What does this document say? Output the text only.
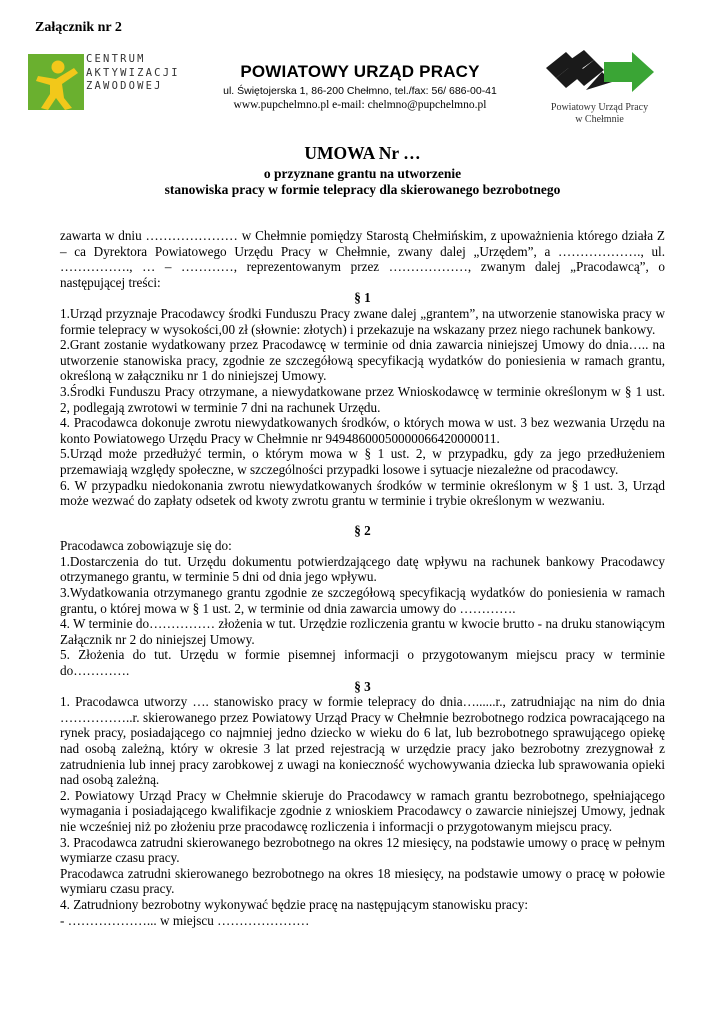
Załącznik nr 2
CENTRUM
AKTYWIZACJI
ZAWODOWEJ

POWIATOWY URZĄD PRACY

ul. Świętojerska 1, 86-200 Chełmno, tel./fax: 56/ 686-00-41
www.pupchelmno.pl e-mail: chelmno@pupchelmno.pl	Powiatowy Urząd Pracy
w Chełmnie
UMOWA Nr …
o przyznane grantu na utworzenie
stanowiska pracy w formie telepracy dla skierowanego bezrobotnego

zawarta w dniu ………………… w Chełmnie pomiędzy Starostą Chełmińskim, z upoważnienia którego działa Z – ca Dyrektora Powiatowego Urzędu Pracy w Chełmnie, zwany dalej „Urzędem”, a ………………., ul. ……………., … – …………, reprezentowanym przez ………………, zwanym dalej „Pracodawcą”, o następującej treści:

§ 1

1.Urząd przyznaje Pracodawcy środki Funduszu Pracy zwane dalej „grantem”, na utworzenie stanowiska pracy w formie telepracy w wysokości,00 zł (słownie: złotych) i przekazuje na wskazany przez niego rachunek bankowy.

2.Grant zostanie wydatkowany przez Pracodawcę w terminie od dnia zawarcia niniejszej Umowy do dnia….. na utworzenie stanowiska pracy, zgodnie ze szczegółową specyfikacją wydatków do poniesienia w ramach grantu, określoną w załączniku nr 1 do niniejszej Umowy.

3.Środki Funduszu Pracy otrzymane, a niewydatkowane przez Wnioskodawcę w terminie określonym w § 1 ust. 2, podlegają zwrotowi w terminie 7 dni na rachunek Urzędu.

4. Pracodawca dokonuje zwrotu niewydatkowanych środków, o których mowa w ust. 3 bez wezwania Urzędu na konto Powiatowego Urzędu Pracy w Chełmnie nr 94948600050000066420000011.

5.Urząd może przedłużyć termin, o którym mowa w § 1 ust. 2, w przypadku, gdy za jego przedłużeniem przemawiają względy społeczne, w szczególności przypadki losowe i sytuacje niezależne od pracodawcy.

6. W przypadku niedokonania zwrotu niewydatkowanych środków w terminie określonym w § 1 ust. 3, Urząd może wezwać do zapłaty odsetek od kwoty zwrotu grantu w terminie i trybie określonym w wezwaniu.

§ 2

Pracodawca zobowiązuje się do:

1.Dostarczenia do tut. Urzędu dokumentu potwierdzającego datę wpływu na rachunek bankowy Pracodawcy otrzymanego grantu, w terminie 5 dni od dnia jego wpływu.

3.Wydatkowania otrzymanego grantu zgodnie ze szczegółową specyfikacją wydatków do poniesienia w ramach grantu, o której mowa w § 1 ust. 2, w terminie od dnia zawarcia umowy do ………….

4. W terminie do…………… złożenia w tut. Urzędzie rozliczenia grantu w kwocie brutto - na druku stanowiącym Załącznik nr 2 do niniejszej Umowy.

5. Złożenia do tut. Urzędu w formie pisemnej informacji o przygotowanym miejscu pracy w terminie do………….

§ 3

1. Pracodawca utworzy …. stanowisko pracy w formie telepracy do dnia…......r., zatrudniając na nim do dnia ……………..r. skierowanego przez Powiatowy Urząd Pracy w Chełmnie bezrobotnego rodzica powracającego na rynek pracy, posiadającego co najmniej jedno dziecko w wieku do 6 lat, lub bezrobotnego sprawującego opiekę nad osobą zależną, który w okresie 3 lat przed rejestracją w urzędzie pracy jako bezrobotny zrezygnował z zatrudnienia lub innej pracy zarobkowej z uwagi na konieczność wychowywania dziecka lub sprawowania opieki nad osobą zależną.

2. Powiatowy Urząd Pracy w Chełmnie skieruje do Pracodawcy w ramach grantu bezrobotnego, spełniającego wymagania i posiadającego kwalifikacje zgodnie z wnioskiem Pracodawcy o zawarcie niniejszej Umowy, jednak nie wcześniej niż po złożeniu prze pracodawcę rozliczenia i informacji o przygotowanym miejscu pracy.

3. Pracodawca zatrudni skierowanego bezrobotnego na okres 12 miesięcy, na podstawie umowy o pracę w pełnym wymiarze czasu pracy.

Pracodawca zatrudni skierowanego bezrobotnego na okres 18 miesięcy, na podstawie umowy o pracę w połowie wymiaru czasu pracy.

4. Zatrudniony bezrobotny wykonywać będzie pracę na następującym stanowisku pracy:

- ………………... w miejscu …………………
